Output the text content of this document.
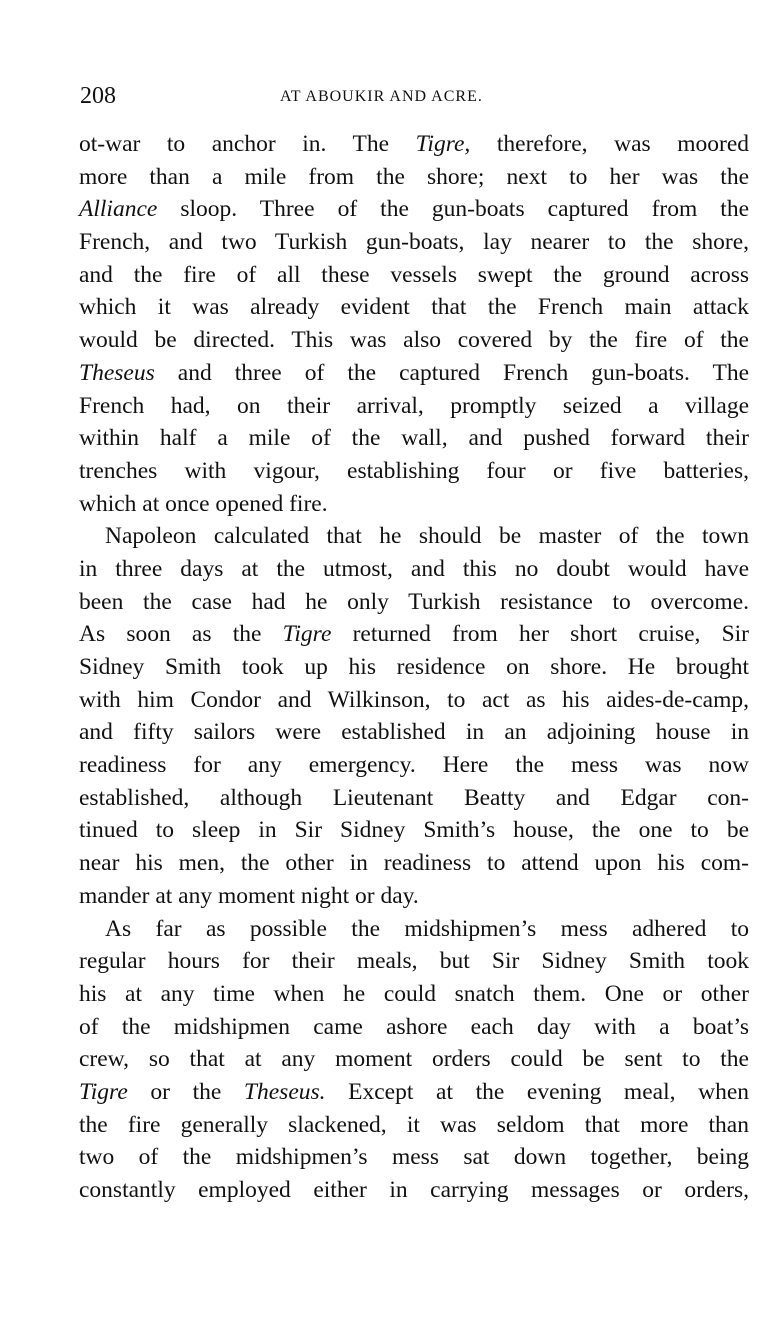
208	AT ABOUKIR AND ACRE.
ot-war to anchor in. The Tigre, therefore, was moored
more than a mile from the shore; next to her was the
Alliance sloop. Three of the gun-boats captured from the
French, and two Turkish gun-boats, lay nearer to the shore,
and the fire of all these vessels swept the ground across
which it was already evident that the French main attack
would be directed. This was also covered by the fire of the
Theseus and three of the captured French gun-boats. The
French had, on their arrival, promptly seized a village
within half a mile of the wall, and pushed forward their
trenches with vigour, establishing four or five batteries,
which at once opened fire.
Napoleon calculated that he should be master of the town
in three days at the utmost, and this no doubt would have
been the case had he only Turkish resistance to overcome.
As soon as the Tigre returned from her short cruise, Sir
Sidney Smith took up his residence on shore. He brought
with him Condor and Wilkinson, to act as his aides-de-camp,
and fifty sailors were established in an adjoining house in
readiness for any emergency. Here the mess was now
established, although Lieutenant Beatty and Edgar con-
tinued to sleep in Sir Sidney Smith’s house, the one to be
near his men, the other in readiness to attend upon his com-
mander at any moment night or day.
As far as possible the midshipmen’s mess adhered to
regular hours for their meals, but Sir Sidney Smith took
his at any time when he could snatch them. One or other
of the midshipmen came ashore each day with a boat’s
crew, so that at any moment orders could be sent to the
Tigre or the Theseus. Except at the evening meal, when
the fire generally slackened, it was seldom that more than
two of the midshipmen’s mess sat down together, being
constantly employed either in carrying messages or orders,
